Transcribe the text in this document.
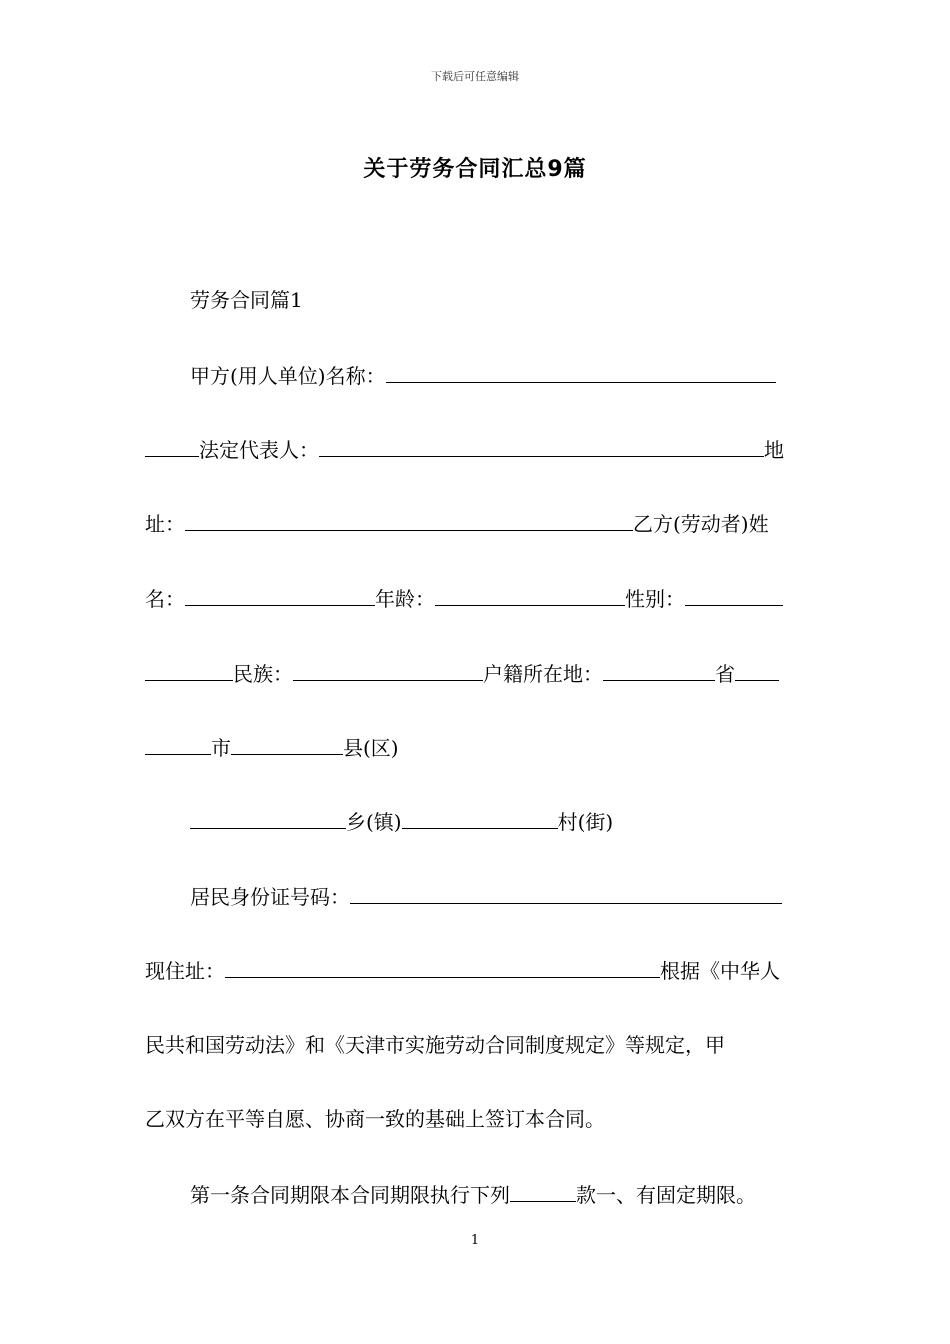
下载后可任意编辑
关于劳务合同汇总9篇
劳务合同篇1
甲方(用人单位)名称：
法定代表人：	地
址：	乙方(劳动者)姓
名：	年龄：	性别：
民族：	户籍所在地：	省
市	县(区)
乡(镇)	村(街)
居民身份证号码：
现住址：	根据《中华人
民共和国劳动法》和《天津市实施劳动合同制度规定》等规定，甲
乙双方在平等自愿、协商一致的基础上签订本合同。
第一条合同期限本合同期限执行下列	款一、有固定期限。
1
